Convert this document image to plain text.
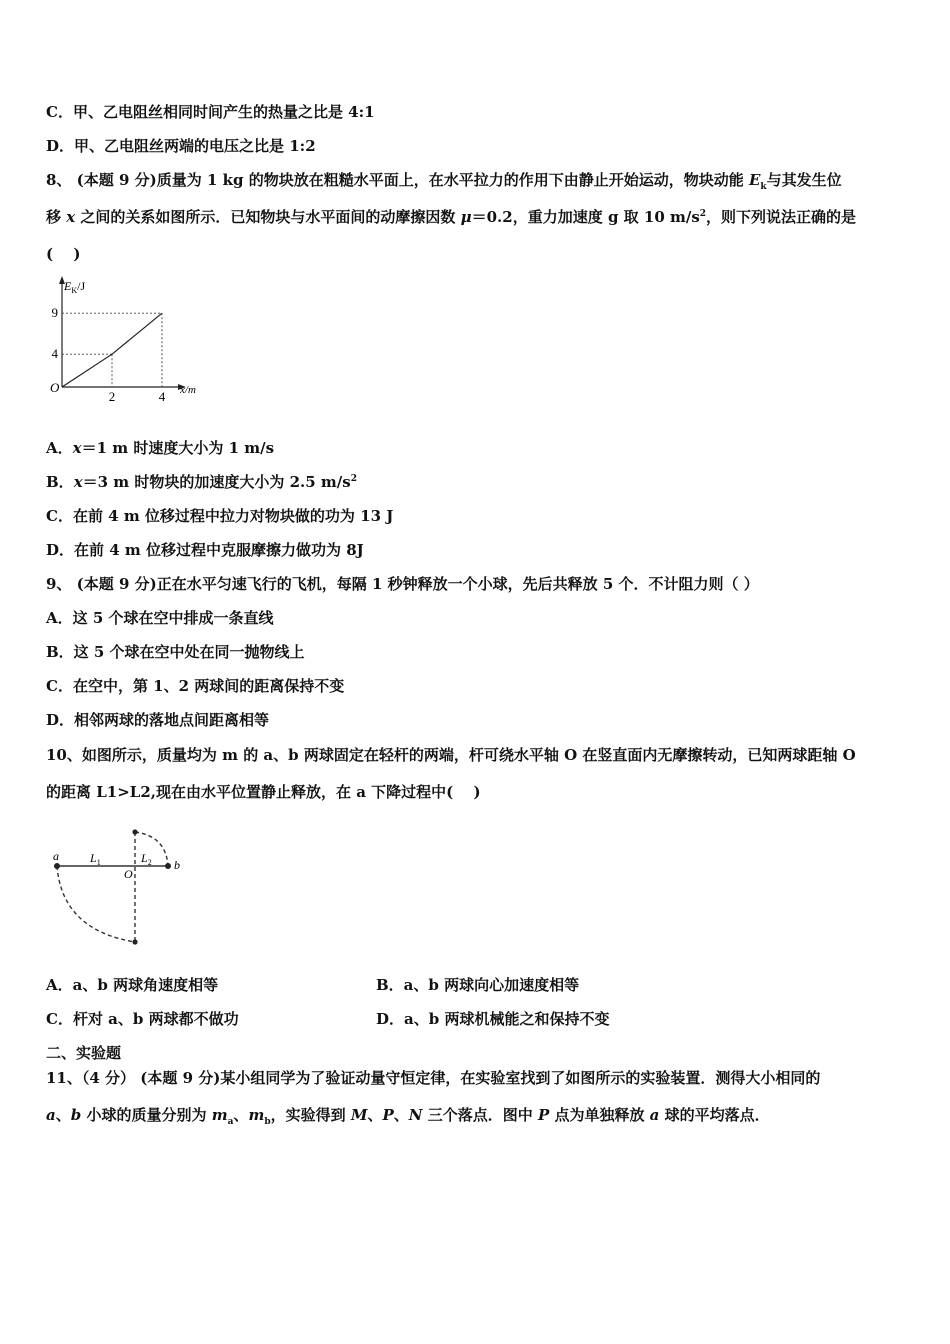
C．甲、乙电阻丝相同时间产生的热量之比是 4:1
D．甲、乙电阻丝两端的电压之比是 1:2
8、 (本题 9 分)质量为 1 kg 的物块放在粗糙水平面上，在水平拉力的作用下由静止开始运动，物块动能 $E_k$与其发生位
移 x 之间的关系如图所示．已知物块与水平面间的动摩擦因数 μ＝0.2，重力加速度 g 取 10 $m/s^2$，则下列说法正确的是
(　 )
O
2	4
4
9
$E_K/J$
x/m
A．x＝1 m 时速度大小为 1 m/s
B．x＝3 m 时物块的加速度大小为 2.5 $m/s^2$
C．在前 4 m 位移过程中拉力对物块做的功为 13 J
D．在前 4 m 位移过程中克服摩擦力做功为 8J
9、 (本题 9 分)正在水平匀速飞行的飞机，每隔 1 秒钟释放一个小球，先后共释放 5 个．不计阻力则（ ）
A．这 5 个球在空中排成一条直线
B．这 5 个球在空中处在同一抛物线上
C．在空中，第 1、2 两球间的距离保持不变
D．相邻两球的落地点间距离相等
10、如图所示，质量均为 m 的 a、b 两球固定在轻杆的两端，杆可绕水平轴 O 在竖直面内无摩擦转动，已知两球距轴 O
的距离 L1>L2,现在由水平位置静止释放，在 a 下降过程中(　 )
a
b
O
$L_1$	$L_2$
A．a、b 两球角速度相等	B．a、b 两球向心加速度相等
C．杆对 a、b 两球都不做功	D．a、b 两球机械能之和保持不变
二、实验题
11、（4 分） (本题 9 分)某小组同学为了验证动量守恒定律，在实验室找到了如图所示的实验装置．测得大小相同的
a、b 小球的质量分别为 $m_a$、$m_b$，实验得到 M、P、N 三个落点．图中 P 点为单独释放 a 球的平均落点．
